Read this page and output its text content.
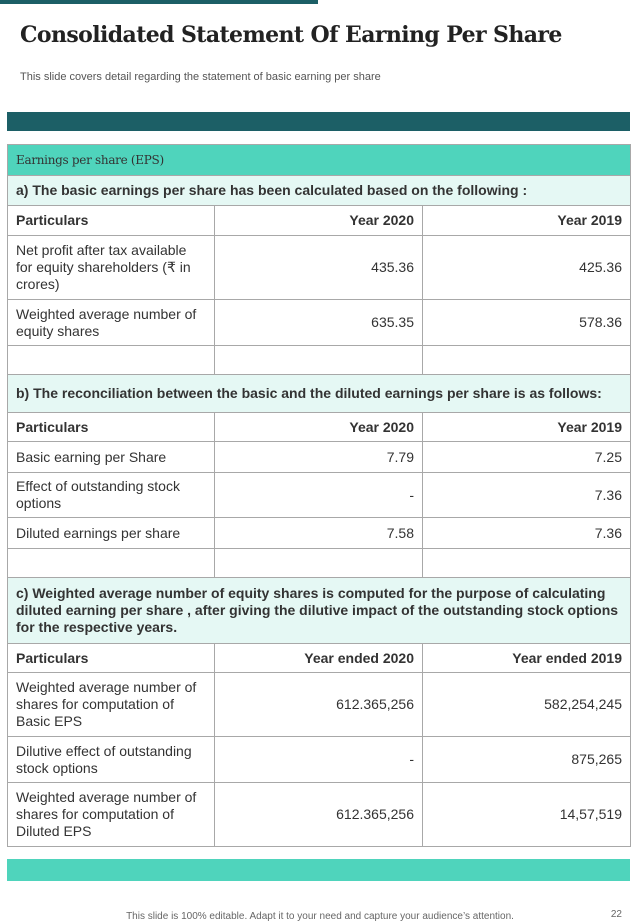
Consolidated Statement Of Earning Per Share
This slide covers detail regarding the statement of basic earning per share
Earnings per share (EPS)		
a) The basic earnings per share has been calculated based on the following :		
Particulars	Year 2020	Year 2019
Net profit after tax available for equity shareholders (₹ in crores)	435.36	425.36
Weighted average number of equity shares	635.35	578.36

b) The reconciliation between the basic and the diluted earnings per share is as follows:		
Particulars	Year 2020	Year 2019
Basic earning per Share	7.79	7.25
Effect of outstanding stock options	-	7.36
Diluted earnings per share	7.58	7.36

c) Weighted average number of equity shares is computed for the purpose of calculating diluted earning per share , after giving the dilutive impact of the outstanding stock options for the respective years.		
Particulars	Year ended 2020	Year ended 2019
Weighted average number of shares for computation of Basic EPS	612.365,256	582,254,245
Dilutive effect of outstanding stock options	-	875,265
Weighted average number of shares for computation of Diluted EPS	612.365,256	14,57,519
This slide is 100% editable. Adapt it to your need and capture your audience’s attention.	22
